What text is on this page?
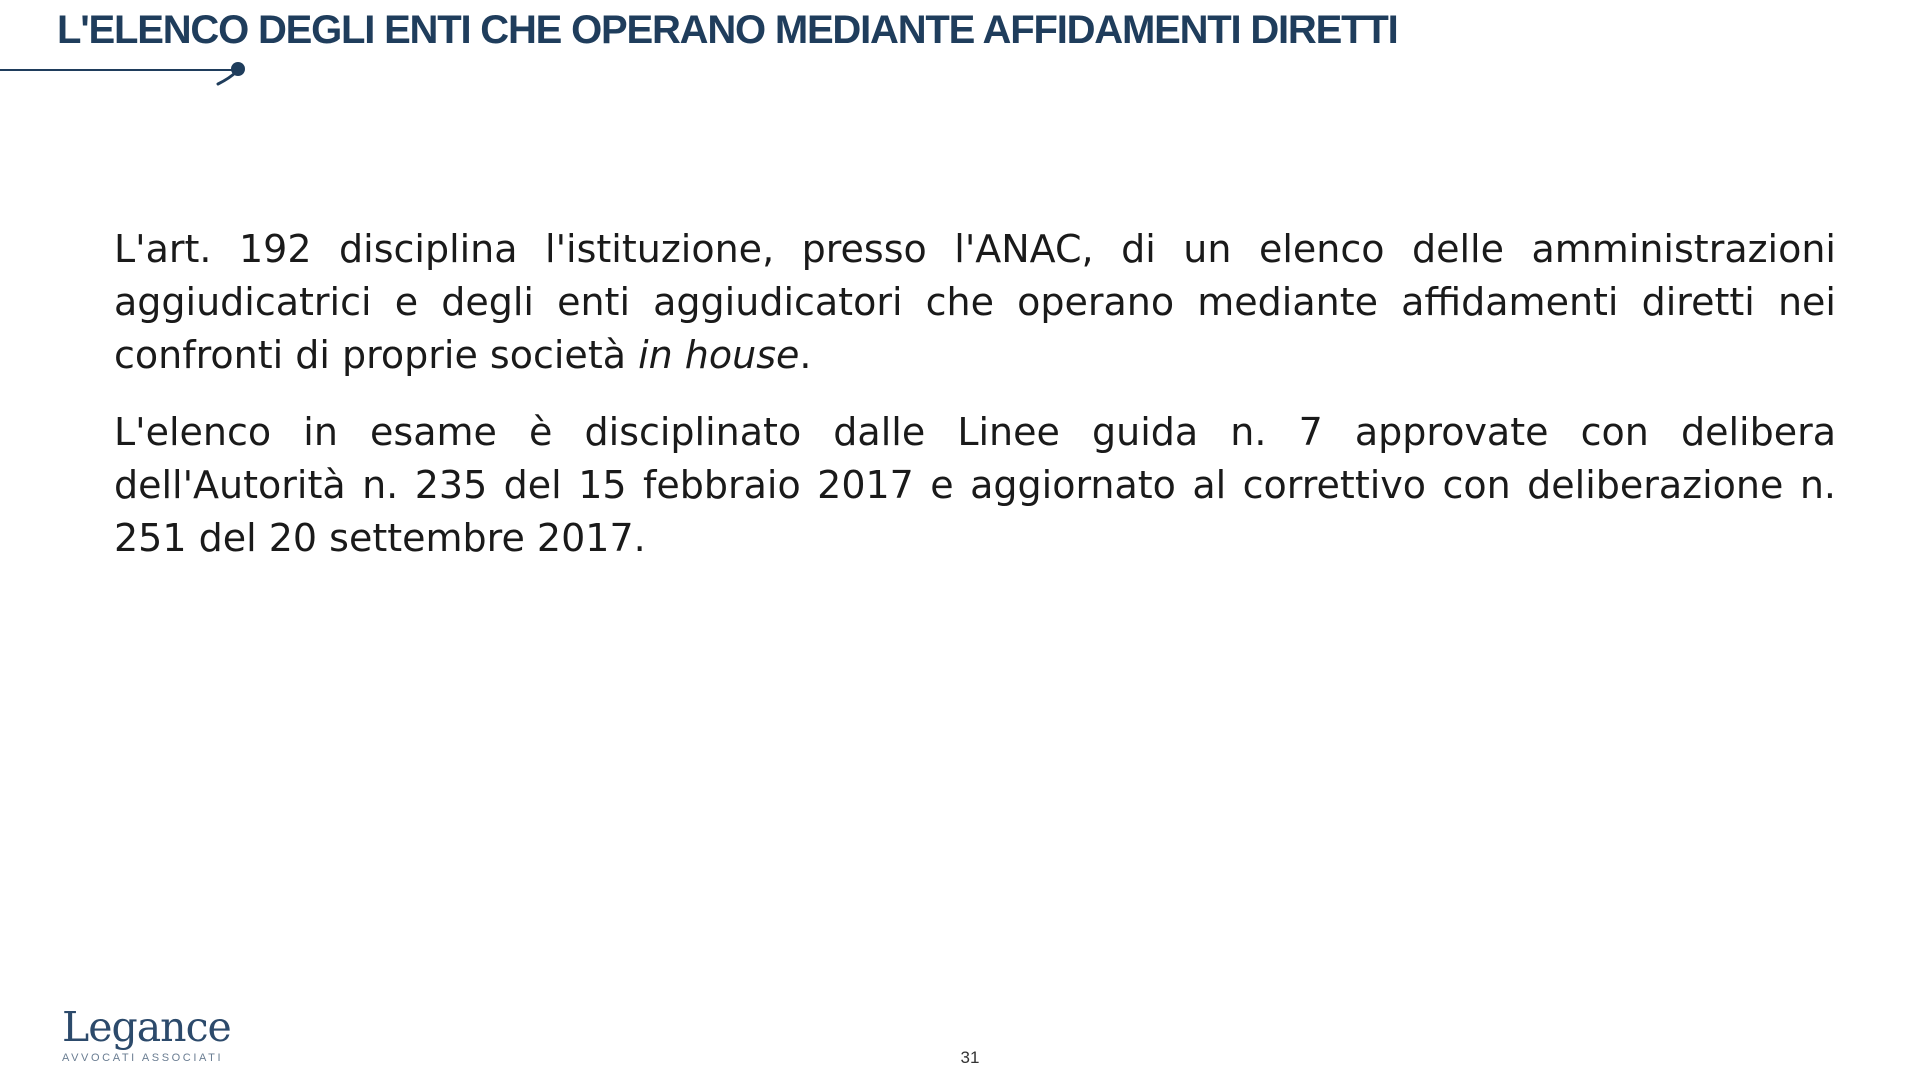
L'ELENCO DEGLI ENTI CHE OPERANO MEDIANTE AFFIDAMENTI DIRETTI

L'art. 192 disciplina l'istituzione, presso l'ANAC, di un elenco delle amministrazioni aggiudicatrici e degli enti aggiudicatori che operano mediante affidamenti diretti nei confronti di proprie società in house.

L'elenco in esame è disciplinato dalle Linee guida n. 7 approvate con delibera dell'Autorità n. 235 del 15 febbraio 2017 e aggiornato al correttivo con deliberazione n. 251 del 20 settembre 2017.

Legance
AVVOCATI ASSOCIATI	31
